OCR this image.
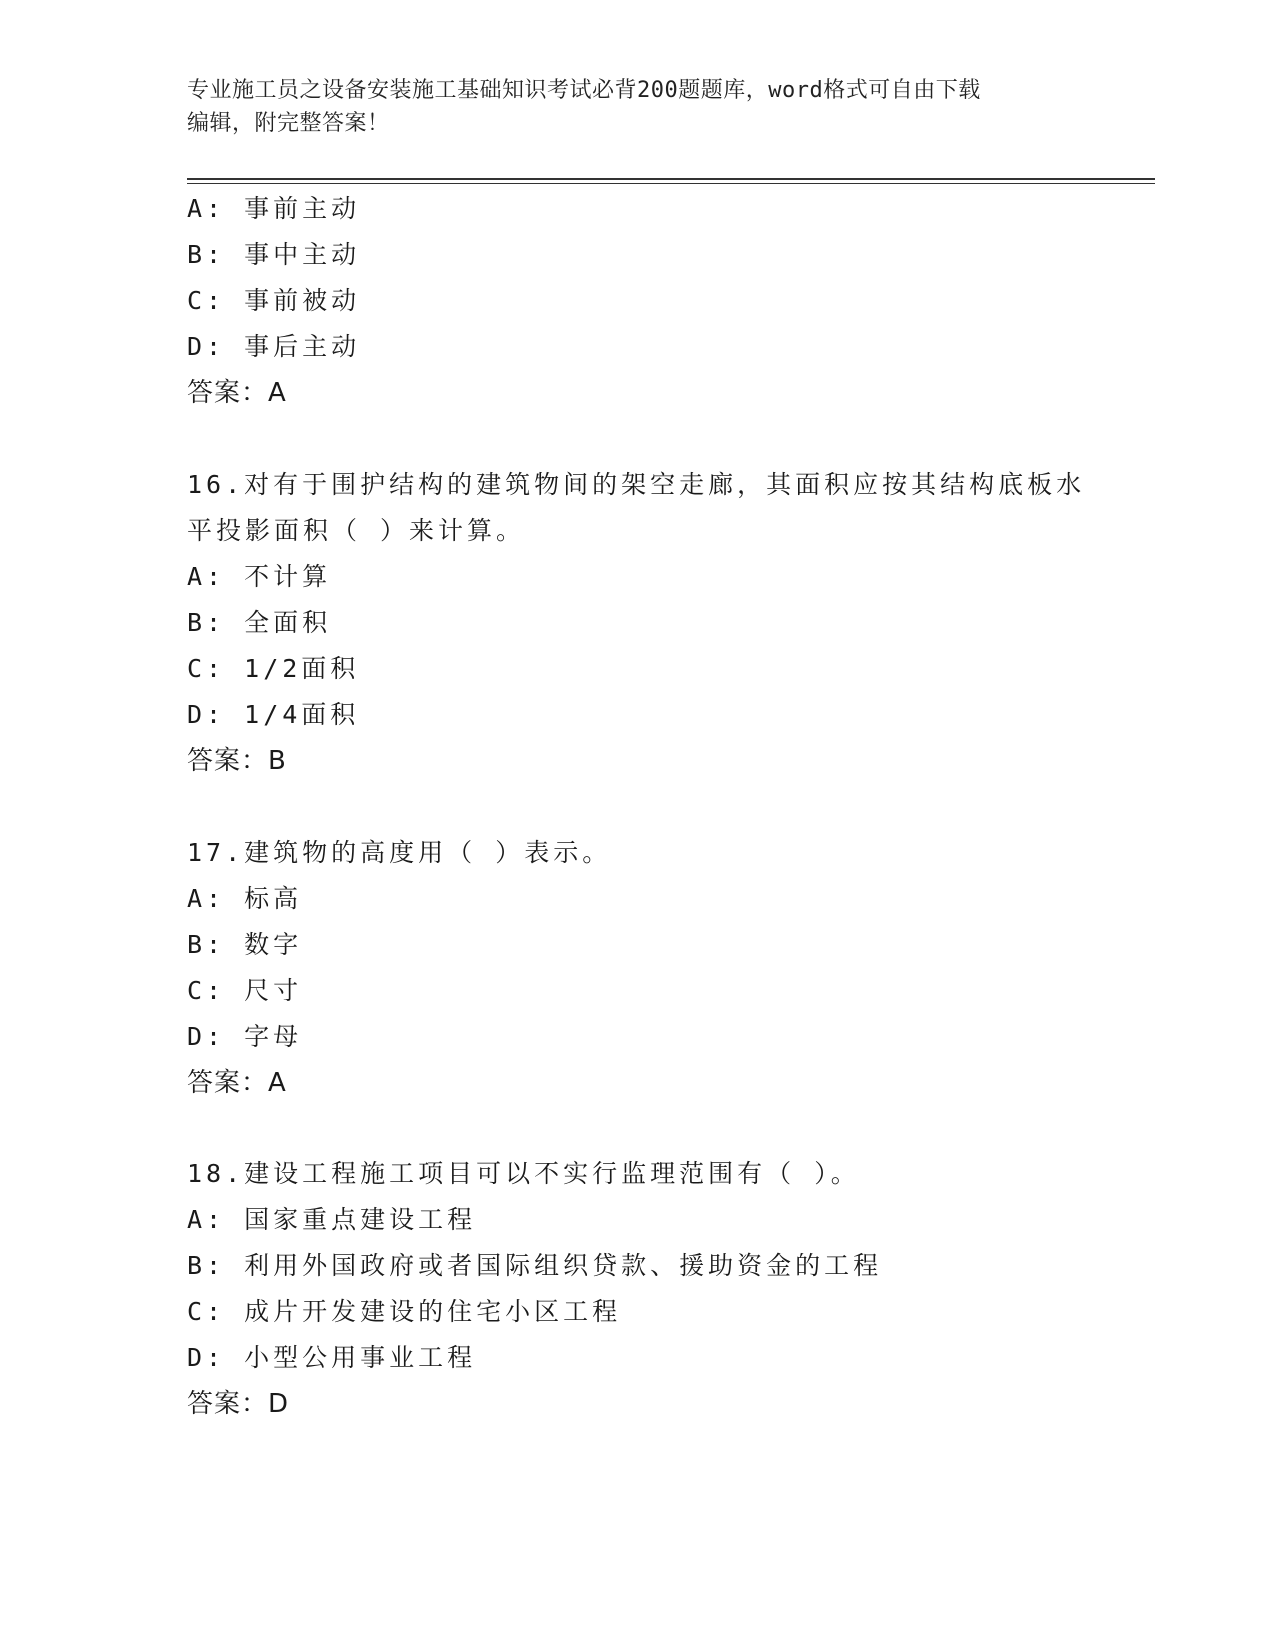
专业施工员之设备安装施工基础知识考试必背200题题库，word格式可自由下载
编辑，附完整答案！
A: 事前主动
B: 事中主动
C: 事前被动
D: 事后主动
答案：A
16.对有于围护结构的建筑物间的架空走廊，其面积应按其结构底板水
平投影面积（ ）来计算。
A: 不计算
B: 全面积
C: 1/2面积
D: 1/4面积
答案：B
17.建筑物的高度用（ ）表示。
A: 标高
B: 数字
C: 尺寸
D: 字母
答案：A
18.建设工程施工项目可以不实行监理范围有（ ）。
A: 国家重点建设工程
B: 利用外国政府或者国际组织贷款、援助资金的工程
C: 成片开发建设的住宅小区工程
D: 小型公用事业工程
答案：D
